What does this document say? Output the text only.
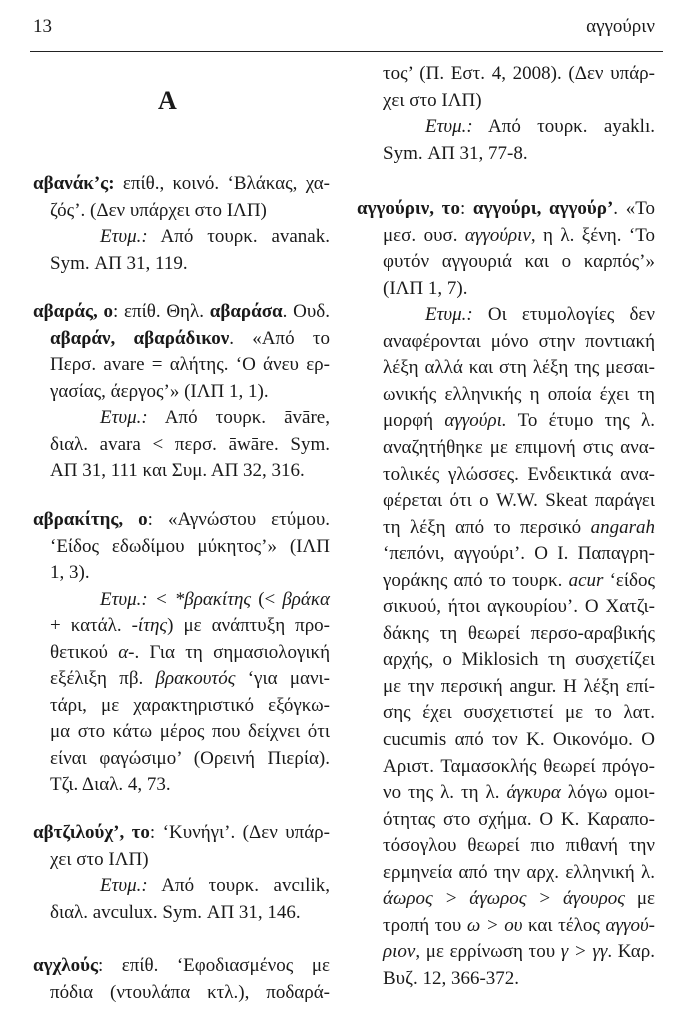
13	αγγούριν
A
αβανάκ’ς: επίθ., κοινό. ‘Βλάκας, χα-
ζός’. (Δεν υπάρχει στο ΙΛΠ)
Ετυμ.: Από τουρκ. avanak.
Sym. ΑΠ 31, 119.
αβαράς, ο: επίθ. Θηλ. αβαράσα. Ουδ.
αβαράν, αβαράδικον. «Από το
Περσ. avare = αλήτης. ‘Ο άνευ ερ-
γασίας, άεργος’» (ΙΛΠ 1, 1).
Ετυμ.: Από τουρκ. āvāre,
διαλ. avara < περσ. āwāre. Sym.
ΑΠ 31, 111 και Συμ. ΑΠ 32, 316.
αβρακίτης, ο: «Αγνώστου ετύμου.
‘Είδος εδωδίμου μύκητος’» (ΙΛΠ
1, 3).
Ετυμ.: < *βρακίτης (< βράκα
+ κατάλ. -ίτης) με ανάπτυξη προ-
θετικού α-. Για τη σημασιολογική
εξέλιξη πβ. βρακουτός ‘για μανι-
τάρι, με χαρακτηριστικό εξόγκω-
μα στο κάτω μέρος που δείχνει ότι
είναι φαγώσιμο’ (Ορεινή Πιερία).
Τζι. Διαλ. 4, 73.
αβτζιλούχ’, το: ‘Κυνήγι’. (Δεν υπάρ-
χει στο ΙΛΠ)
Ετυμ.: Από τουρκ. avcılik,
διαλ. avculux. Sym. ΑΠ 31, 146.
αγχλούς: επίθ. ‘Εφοδιασμένος με
πόδια (ντουλάπα κτλ.), ποδαρά-
τος’ (Π. Εστ. 4, 2008). (Δεν υπάρ-
χει στο ΙΛΠ)
Ετυμ.: Από τουρκ. ayaklı.
Sym. ΑΠ 31, 77-8.
αγγούριν, το: αγγούρι, αγγούρ’. «Το
μεσ. ουσ. αγγούριν, η λ. ξένη. ‘Το
φυτόν αγγουριά και ο καρπός’»
(ΙΛΠ 1, 7).
Ετυμ.: Οι ετυμολογίες δεν
αναφέρονται μόνο στην ποντιακή
λέξη αλλά και στη λέξη της μεσαι-
ωνικής ελληνικής η οποία έχει τη
μορφή αγγούρι. Το έτυμο της λ.
αναζητήθηκε με επιμονή στις ανα-
τολικές γλώσσες. Ενδεικτικά ανα-
φέρεται ότι ο W.W. Skeat παράγει
τη λέξη από το περσικό angarah
‘πεπόνι, αγγούρι’. Ο Ι. Παπαγρη-
γοράκης από το τουρκ. acur ‘είδος
σικυού, ήτοι αγκουρίου’. Ο Χατζι-
δάκης τη θεωρεί περσο-αραβικής
αρχής, ο Miklosich τη συσχετίζει
με την περσική angur. Η λέξη επί-
σης έχει συσχετιστεί με το λατ.
cucumis από τον Κ. Οικονόμο. Ο
Αριστ. Ταμασοκλής θεωρεί πρόγο-
νο της λ. τη λ. άγκυρα λόγω ομοι-
ότητας στο σχήμα. Ο Κ. Καραπο-
τόσογλου θεωρεί πιο πιθανή την
ερμηνεία από την αρχ. ελληνική λ.
άωρος > άγωρος > άγουρος με
τροπή του ω > ου και τέλος αγγού-
ριον, με ερρίνωση του γ > γγ. Καρ.
Βυζ. 12, 366-372.
